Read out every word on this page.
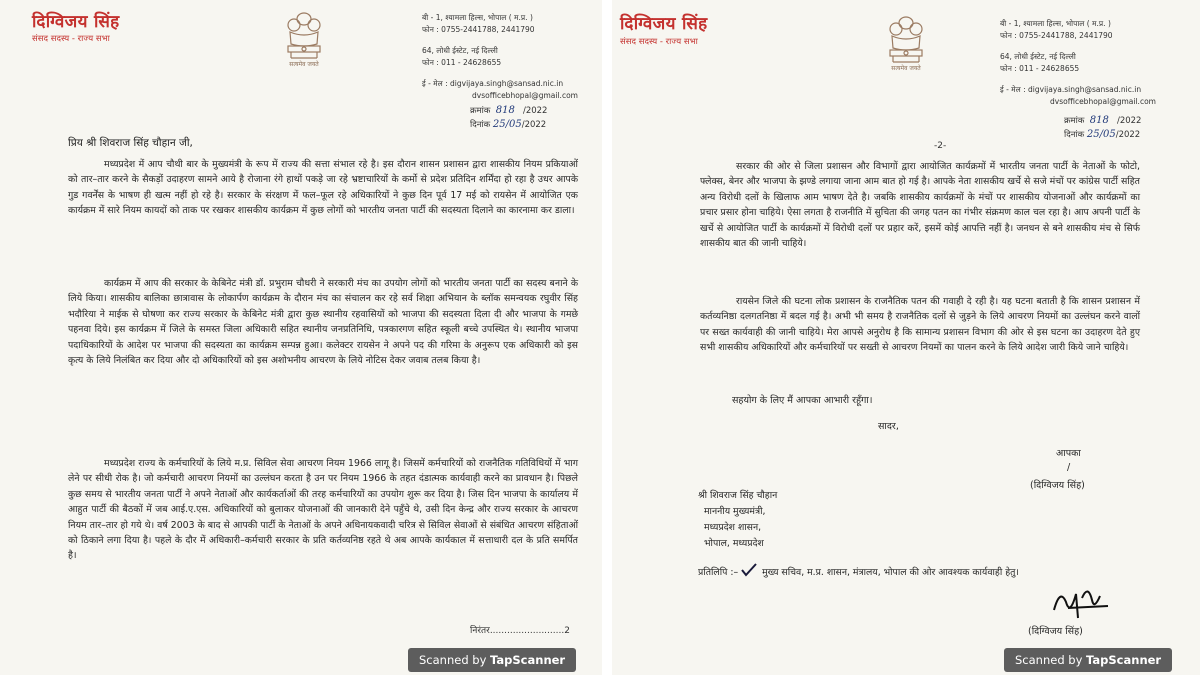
दिग्विजय सिंह
संसद सदस्य - राज्य सभा
सत्यमेव जयते
बी - 1, श्यामला हिल्स, भोपाल ( म.प्र. )
फोन : 0755-2441788, 2441790
64, लोधी ईस्टेट, नई दिल्ली
फोन : 011 - 24628655
ई - मेल : digvijaya.singh@sansad.nic.in
dvsofficebhopal@gmail.com
क्रमांक 818 /2022
दिनांक 25/05/2022
प्रिय श्री शिवराज सिंह चौहान जी,

मध्यप्रदेश में आप चौथी बार के मुख्यमंत्री के रूप में राज्य की सत्ता संभाल रहे है। इस दौरान शासन प्रशासन द्वारा शासकीय नियम प्रकियाओं को तार–तार करने के सैकड़ों उदाहरण सामने आये है रोजाना रंगे हाथों पकड़े जा रहे भ्रष्टाचारियों के कर्मो से प्रदेश प्रतिदिन शर्मिंदा हो रहा है उधर आपके गुड गवर्नेंस के भाषण ही खत्म नहीं हो रहे है। सरकार के संरक्षण में फल–फूल रहे अधिकारियों ने कुछ दिन पूर्व 17 मई को रायसेन में आयोजित एक कार्यक्रम में सारे नियम कायदों को ताक पर रखकर शासकीय कार्यक्रम में कुछ लोगों को भारतीय जनता पार्टी की सदस्यता दिलाने का कारनामा कर डाला।

कार्यक्रम में आप की सरकार के केबिनेट मंत्री डॉ. प्रभुराम चौधरी ने सरकारी मंच का उपयोग लोगों को भारतीय जनता पार्टी का सदस्य बनाने के लिये किया। शासकीय बालिका छात्रावास के लोकार्पण कार्यक्रम के दौरान मंच का संचालन कर रहे सर्व शिक्षा अभियान के ब्लॉक समन्वयक रघुवीर सिंह भदौरिया ने माईक से घोषणा कर राज्य सरकार के केबिनेट मंत्री द्वारा कुछ स्थानीय रहवासियों को भाजपा की सदस्यता दिला दी और भाजपा के गमछे पहनवा दिये। इस कार्यक्रम में जिले के समस्त जिला अधिकारी सहित स्थानीय जनप्रतिनिधि, पत्रकारगण सहित स्कूली बच्चे उपस्थित थे। स्थानीय भाजपा पदाधिकारियों के आदेश पर भाजपा की सदस्यता का कार्यक्रम सम्पन्न हुआ। कलेक्टर रायसेन ने अपने पद की गरिमा के अनुरूप एक अधिकारी को इस कृत्य के लिये निलंबित कर दिया और दो अधिकारियों को इस अशोभनीय आचरण के लिये नोटिस देकर जवाब तलब किया है।

मध्यप्रदेश राज्य के कर्मचारियों के लिये म.प्र. सिविल सेवा आचरण नियम 1966 लागू है। जिसमें कर्मचारियों को राजनैतिक गतिविधियों में भाग लेने पर सीधी रोक है। जो कर्मचारी आचरण नियमों का उल्लंघन करता है उन पर नियम 1966 के तहत दंडात्मक कार्यवाही करने का प्रावधान है। पिछले कुछ समय से भारतीय जनता पार्टी ने अपने नेताओं और कार्यकर्ताओं की तरह कर्मचारियों का उपयोग शुरू कर दिया है। जिस दिन भाजपा के कार्यालय में आहुत पार्टी की बैठकों में जब आई.ए.एस. अधिकारियों को बुलाकर योजनाओं की जानकारी देने पहुँचे थे, उसी दिन केन्द्र और राज्य सरकार के आचरण नियम तार–तार हो गये थे। वर्ष 2003 के बाद से आपकी पार्टी के नेताओं के अपने अधिनायकवादी चरित्र से सिविल सेवाओं से संबंधित आचरण संहिताओं को ठिकाने लगा दिया है। पहले के दौर में अधिकारी–कर्मचारी सरकार के प्रति कर्तव्यनिष्ठ रहते थे अब आपके कार्यकाल में सत्ताधारी दल के प्रति समर्पित है।

निरंतर..........................2
Scanned by TapScanner
दिग्विजय सिंह
संसद सदस्य - राज्य सभा
सत्यमेव जयते
बी - 1, श्यामला हिल्स, भोपाल ( म.प्र. )
फोन : 0755-2441788, 2441790
64, लोधी ईस्टेट, नई दिल्ली
फोन : 011 - 24628655
ई - मेल : digvijaya.singh@sansad.nic.in
dvsofficebhopal@gmail.com
क्रमांक 818 /2022
दिनांक 25/05/2022
-2-

सरकार की ओर से जिला प्रशासन और विभागों द्वारा आयोजित कार्यक्रमों में भारतीय जनता पार्टी के नेताओं के फोटो, फ्लेक्स, बेनर और भाजपा के झण्डे लगाया जाना आम बात हो गई है। आपके नेता शासकीय खर्चे से सजे मंचों पर कांग्रेस पार्टी सहित अन्य विरोधी दलों के खिलाफ आम भाषण देते है। जबकि शासकीय कार्यक्रमों के मंचों पर शासकीय योजनाओं और कार्यक्रमों का प्रचार प्रसार होना चाहिये। ऐसा लगता है राजनीति में सुचिता की जगह पतन का गंभीर संक्रमण काल चल रहा है। आप अपनी पार्टी के खर्चे से आयोजित पार्टी के कार्यक्रमों में विरोधी दलों पर प्रहार करें, इसमें कोई आपत्ति नहीं है। जनधन से बने शासकीय मंच से सिर्फ शासकीय बात की जानी चाहिये।

रायसेन जिले की घटना लोक प्रशासन के राजनैतिक पतन की गवाही दे रही है। यह घटना बताती है कि शासन प्रशासन में कर्तव्यनिष्ठा दलगतनिष्ठा में बदल गई है। अभी भी समय है राजनैतिक दलों से जुड़ने के लिये आचरण नियमों का उल्लंघन करने वालों पर सख्त कार्यवाही की जानी चाहिये। मेरा आपसे अनुरोध है कि सामान्य प्रशासन विभाग की ओर से इस घटना का उदाहरण देते हुए सभी शासकीय अधिकारियों और कर्मचारियों पर सख्ती से आचरण नियमों का पालन करने के लिये आदेश जारी किये जाने चाहिये।

सहयोग के लिए मैं आपका आभारी रहूँगा।
सादर,
आपका
/
(दिग्विजय सिंह)
श्री शिवराज सिंह चौहान
माननीय मुख्यमंत्री,
मध्यप्रदेश शासन,
भोपाल, मध्यप्रदेश
प्रतिलिपि :–	मुख्य सचिव, म.प्र. शासन, मंत्रालय, भोपाल की ओर आवश्यक कार्यवाही हेतु।
(दिग्विजय सिंह)
Scanned by TapScanner
